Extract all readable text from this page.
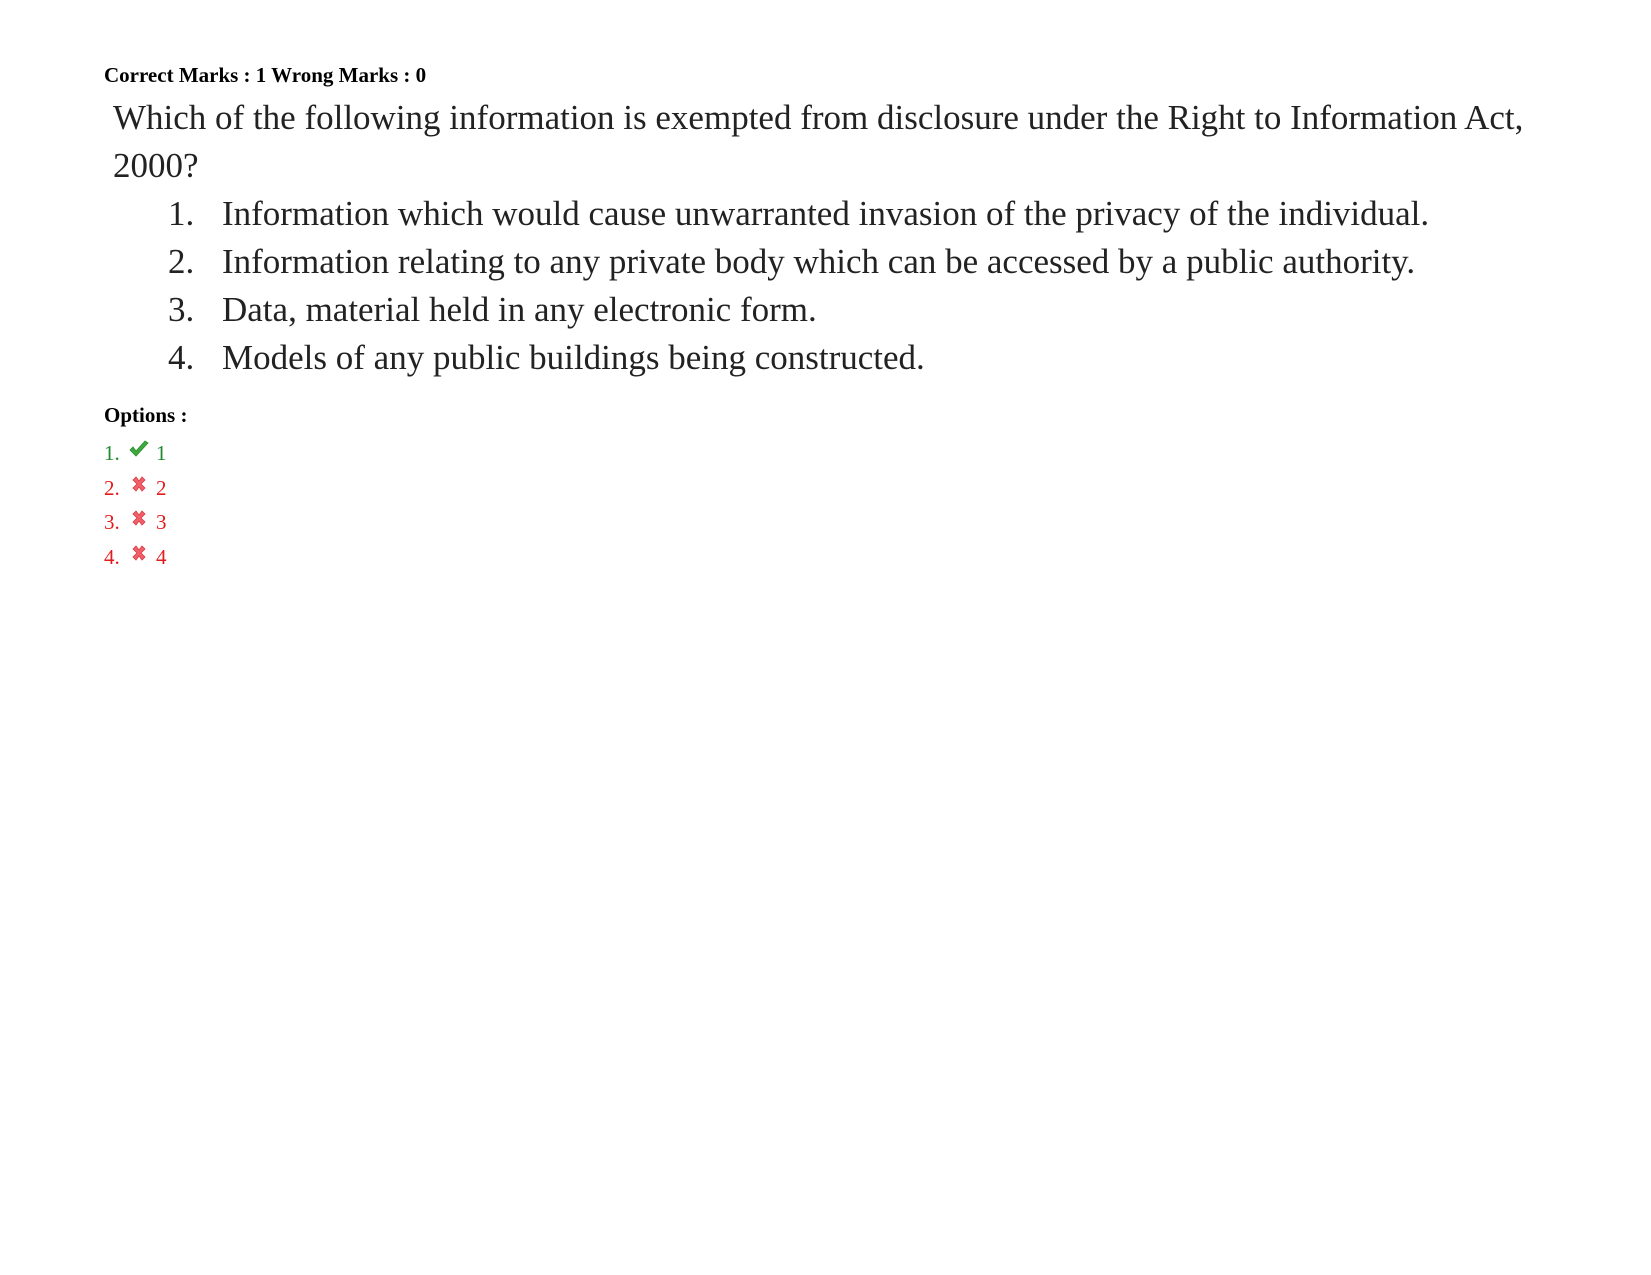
Correct Marks : 1 Wrong Marks : 0

Which of the following information is exempted from disclosure under the Right to Information Act, 2000?

1. Information which would cause unwarranted invasion of the privacy of the individual.
2. Information relating to any private body which can be accessed by a public authority.
3. Data, material held in any electronic form.
4. Models of any public buildings being constructed.
Options :
1.	1
2.	2
3.	3
4.	4
